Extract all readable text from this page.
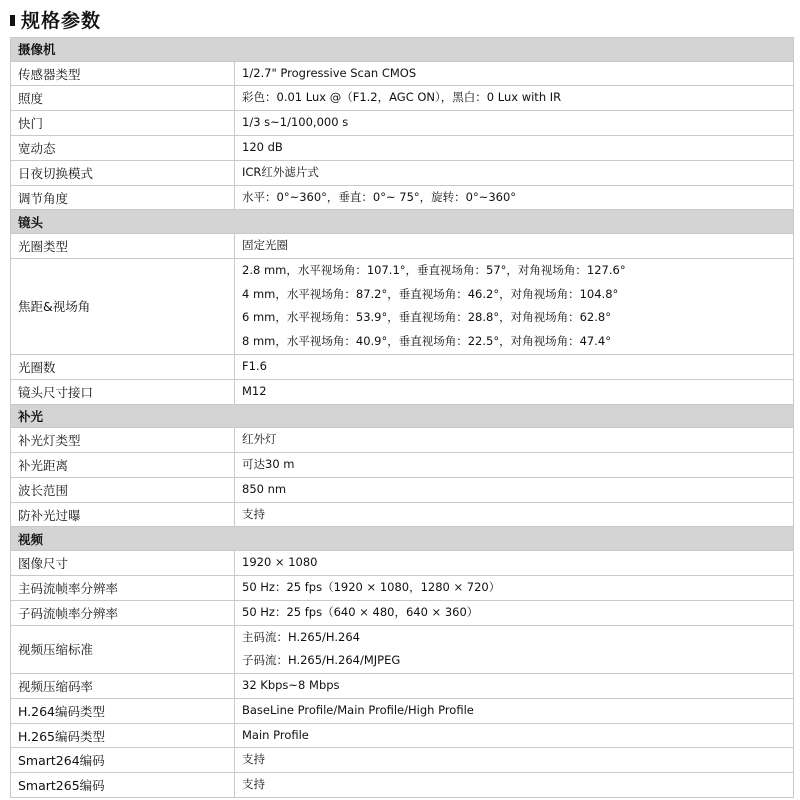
规格参数
摄像机	
传感器类型	1/2.7" Progressive Scan CMOS

照度	彩色：0.01 Lux @（F1.2，AGC ON），黑白：0 Lux with IR

快门	1/3 s~1/100,000 s

宽动态	120 dB

日夜切换模式	ICR红外滤片式

调节角度	水平：0°~360°，垂直：0°~ 75°，旋转：0°~360°

镜头	
光圈类型	固定光圈

焦距&视场角	2.8 mm，水平视场角：107.1°，垂直视场角：57°，对角视场角：127.6°
4 mm，水平视场角：87.2°，垂直视场角：46.2°，对角视场角：104.8°
6 mm，水平视场角：53.9°，垂直视场角：28.8°，对角视场角：62.8°
8 mm，水平视场角：40.9°，垂直视场角：22.5°，对角视场角：47.4°

光圈数	F1.6

镜头尺寸接口	M12

补光	
补光灯类型	红外灯

补光距离	可达30 m

波长范围	850 nm

防补光过曝	支持

视频	
图像尺寸	1920 × 1080

主码流帧率分辨率	50 Hz：25 fps（1920 × 1080，1280 × 720）

子码流帧率分辨率	50 Hz：25 fps（640 × 480，640 × 360）

视频压缩标准	主码流：H.265/H.264
子码流：H.265/H.264/MJPEG

视频压缩码率	32 Kbps~8 Mbps

H.264编码类型	BaseLine Profile/Main Profile/High Profile

H.265编码类型	Main Profile

Smart264编码	支持

Smart265编码	支持
